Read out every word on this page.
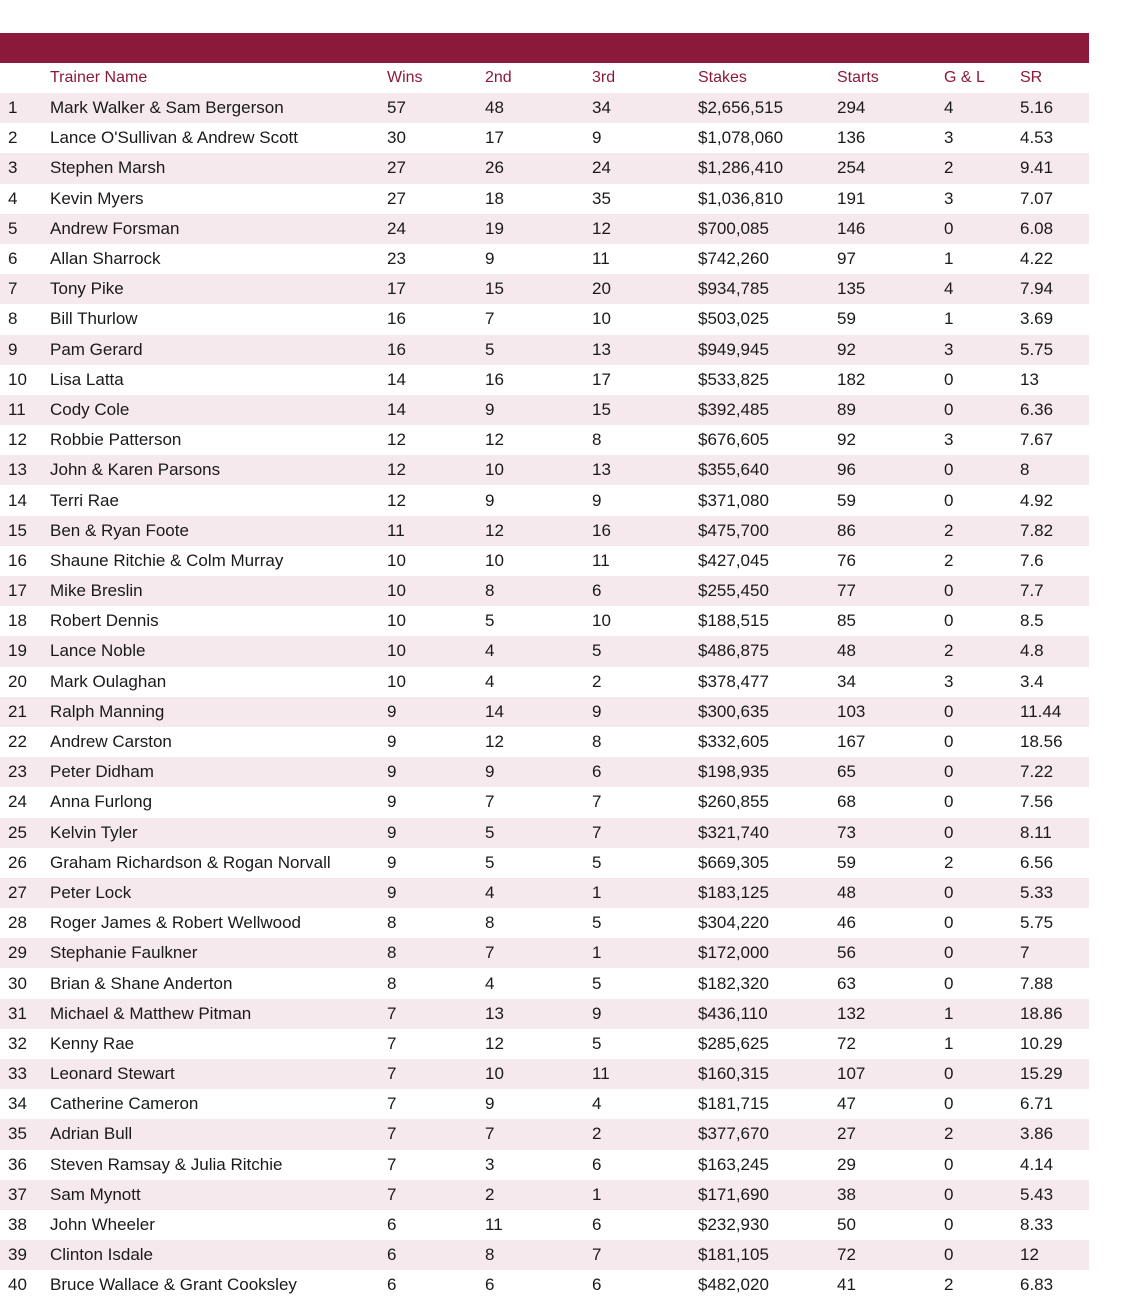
	Trainer Name	Wins	2nd	3rd	Stakes	Starts	G & L	SR
1	Mark Walker & Sam Bergerson	57	48	34	$2,656,515	294	4	5.16
2	Lance O'Sullivan & Andrew Scott	30	17	9	$1,078,060	136	3	4.53
3	Stephen Marsh	27	26	24	$1,286,410	254	2	9.41
4	Kevin Myers	27	18	35	$1,036,810	191	3	7.07
5	Andrew Forsman	24	19	12	$700,085	146	0	6.08
6	Allan Sharrock	23	9	11	$742,260	97	1	4.22
7	Tony Pike	17	15	20	$934,785	135	4	7.94
8	Bill Thurlow	16	7	10	$503,025	59	1	3.69
9	Pam Gerard	16	5	13	$949,945	92	3	5.75
10	Lisa Latta	14	16	17	$533,825	182	0	13
11	Cody Cole	14	9	15	$392,485	89	0	6.36
12	Robbie Patterson	12	12	8	$676,605	92	3	7.67
13	John & Karen Parsons	12	10	13	$355,640	96	0	8
14	Terri Rae	12	9	9	$371,080	59	0	4.92
15	Ben & Ryan Foote	11	12	16	$475,700	86	2	7.82
16	Shaune Ritchie & Colm Murray	10	10	11	$427,045	76	2	7.6
17	Mike Breslin	10	8	6	$255,450	77	0	7.7
18	Robert Dennis	10	5	10	$188,515	85	0	8.5
19	Lance Noble	10	4	5	$486,875	48	2	4.8
20	Mark Oulaghan	10	4	2	$378,477	34	3	3.4
21	Ralph Manning	9	14	9	$300,635	103	0	11.44
22	Andrew Carston	9	12	8	$332,605	167	0	18.56
23	Peter Didham	9	9	6	$198,935	65	0	7.22
24	Anna Furlong	9	7	7	$260,855	68	0	7.56
25	Kelvin Tyler	9	5	7	$321,740	73	0	8.11
26	Graham Richardson & Rogan Norvall	9	5	5	$669,305	59	2	6.56
27	Peter Lock	9	4	1	$183,125	48	0	5.33
28	Roger James & Robert Wellwood	8	8	5	$304,220	46	0	5.75
29	Stephanie Faulkner	8	7	1	$172,000	56	0	7
30	Brian & Shane Anderton	8	4	5	$182,320	63	0	7.88
31	Michael & Matthew Pitman	7	13	9	$436,110	132	1	18.86
32	Kenny Rae	7	12	5	$285,625	72	1	10.29
33	Leonard Stewart	7	10	11	$160,315	107	0	15.29
34	Catherine Cameron	7	9	4	$181,715	47	0	6.71
35	Adrian Bull	7	7	2	$377,670	27	2	3.86
36	Steven Ramsay & Julia Ritchie	7	3	6	$163,245	29	0	4.14
37	Sam Mynott	7	2	1	$171,690	38	0	5.43
38	John Wheeler	6	11	6	$232,930	50	0	8.33
39	Clinton Isdale	6	8	7	$181,105	72	0	12
40	Bruce Wallace & Grant Cooksley	6	6	6	$482,020	41	2	6.83
